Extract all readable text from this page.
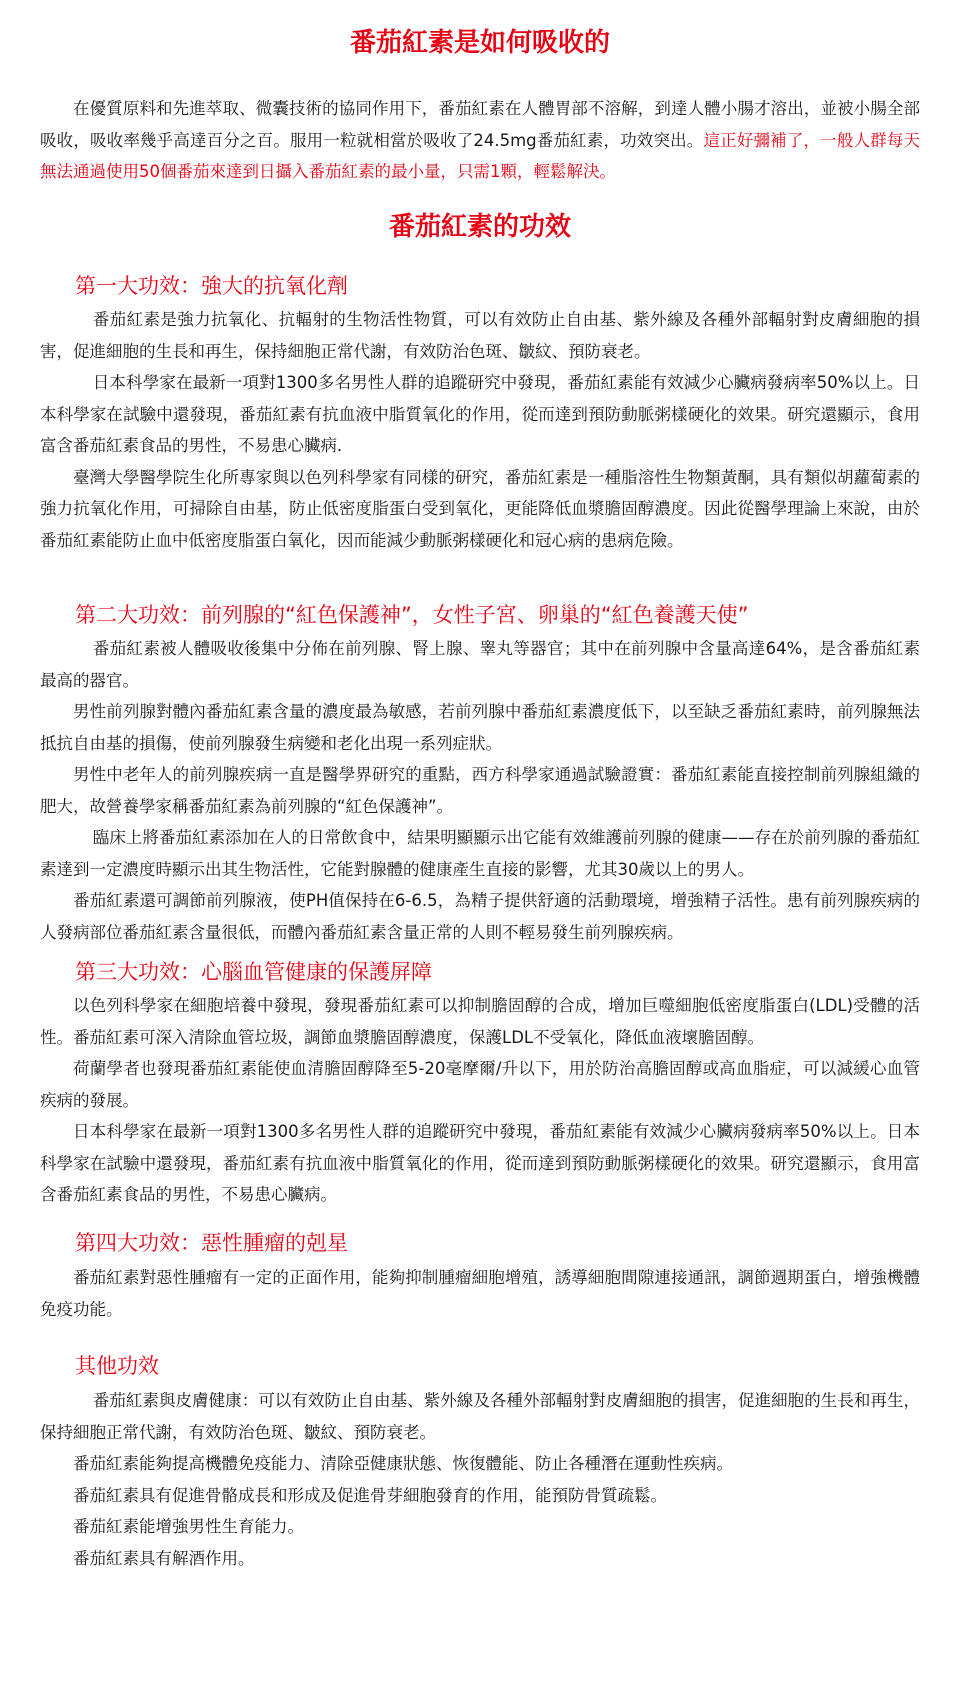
番茄紅素是如何吸收的

在優質原料和先進萃取、微囊技術的協同作用下，番茄紅素在人體胃部不溶解，到達人體小腸才溶出，並被小腸全部吸收，吸收率幾乎高達百分之百。服用一粒就相當於吸收了24.5mg番茄紅素，功效突出。這正好彌補了，一般人群每天無法通過使用50個番茄來達到日攝入番茄紅素的最小量，只需1顆，輕鬆解決。

番茄紅素的功效
第一大功效：強大的抗氧化劑

番茄紅素是強力抗氧化、抗輻射的生物活性物質，可以有效防止自由基、紫外線及各種外部輻射對皮膚細胞的損害，促進細胞的生長和再生，保持細胞正常代謝，有效防治色斑、皺紋、預防衰老。

日本科學家在最新一項對1300多名男性人群的追蹤研究中發現，番茄紅素能有效減少心臟病發病率50%以上。日本科學家在試驗中還發現，番茄紅素有抗血液中脂質氧化的作用，從而達到預防動脈粥樣硬化的效果。研究還顯示，食用富含番茄紅素食品的男性，不易患心臟病．

臺灣大學醫學院生化所專家與以色列科學家有同樣的研究，番茄紅素是一種脂溶性生物類黃酮，具有類似胡蘿蔔素的強力抗氧化作用，可掃除自由基，防止低密度脂蛋白受到氧化，更能降低血漿膽固醇濃度。因此從醫學理論上來說，由於番茄紅素能防止血中低密度脂蛋白氧化，因而能減少動脈粥樣硬化和冠心病的患病危險。

第二大功效：前列腺的“紅色保護神”，女性子宮、卵巢的“紅色養護天使”

番茄紅素被人體吸收後集中分佈在前列腺、腎上腺、睾丸等器官；其中在前列腺中含量高達64%，是含番茄紅素最高的器官。

男性前列腺對體內番茄紅素含量的濃度最為敏感，若前列腺中番茄紅素濃度低下，以至缺乏番茄紅素時，前列腺無法抵抗自由基的損傷，使前列腺發生病變和老化出現一系列症狀。

男性中老年人的前列腺疾病一直是醫學界研究的重點，西方科學家通過試驗證實：番茄紅素能直接控制前列腺組織的肥大，故營養學家稱番茄紅素為前列腺的“紅色保護神”。

臨床上將番茄紅素添加在人的日常飲食中，結果明顯顯示出它能有效維護前列腺的健康——存在於前列腺的番茄紅素達到一定濃度時顯示出其生物活性，它能對腺體的健康產生直接的影響，尤其30歲以上的男人。

番茄紅素還可調節前列腺液，使PH值保持在6-6.5，為精子提供舒適的活動環境，增強精子活性。患有前列腺疾病的人發病部位番茄紅素含量很低，而體內番茄紅素含量正常的人則不輕易發生前列腺疾病。

第三大功效：心腦血管健康的保護屏障

以色列科學家在細胞培養中發現，發現番茄紅素可以抑制膽固醇的合成，增加巨噬細胞低密度脂蛋白(LDL)受體的活性。番茄紅素可深入清除血管垃圾，調節血漿膽固醇濃度，保護LDL不受氧化，降低血液壞膽固醇。

荷蘭學者也發現番茄紅素能使血清膽固醇降至5-20毫摩爾/升以下，用於防治高膽固醇或高血脂症，可以減緩心血管疾病的發展。

日本科學家在最新一項對1300多名男性人群的追蹤研究中發現，番茄紅素能有效減少心臟病發病率50%以上。日本科學家在試驗中還發現，番茄紅素有抗血液中脂質氧化的作用，從而達到預防動脈粥樣硬化的效果。研究還顯示，食用富含番茄紅素食品的男性，不易患心臟病。

第四大功效：惡性腫瘤的剋星

番茄紅素對惡性腫瘤有一定的正面作用，能夠抑制腫瘤細胞增殖，誘導細胞間隙連接通訊，調節週期蛋白，增強機體免疫功能。

其他功效

番茄紅素與皮膚健康：可以有效防止自由基、紫外線及各種外部輻射對皮膚細胞的損害，促進細胞的生長和再生，保持細胞正常代謝，有效防治色斑、皺紋、預防衰老。

番茄紅素能夠提高機體免疫能力、清除亞健康狀態、恢復體能、防止各種潛在運動性疾病。

番茄紅素具有促進骨骼成長和形成及促進骨芽細胞發育的作用，能預防骨質疏鬆。

番茄紅素能增強男性生育能力。

番茄紅素具有解酒作用。
